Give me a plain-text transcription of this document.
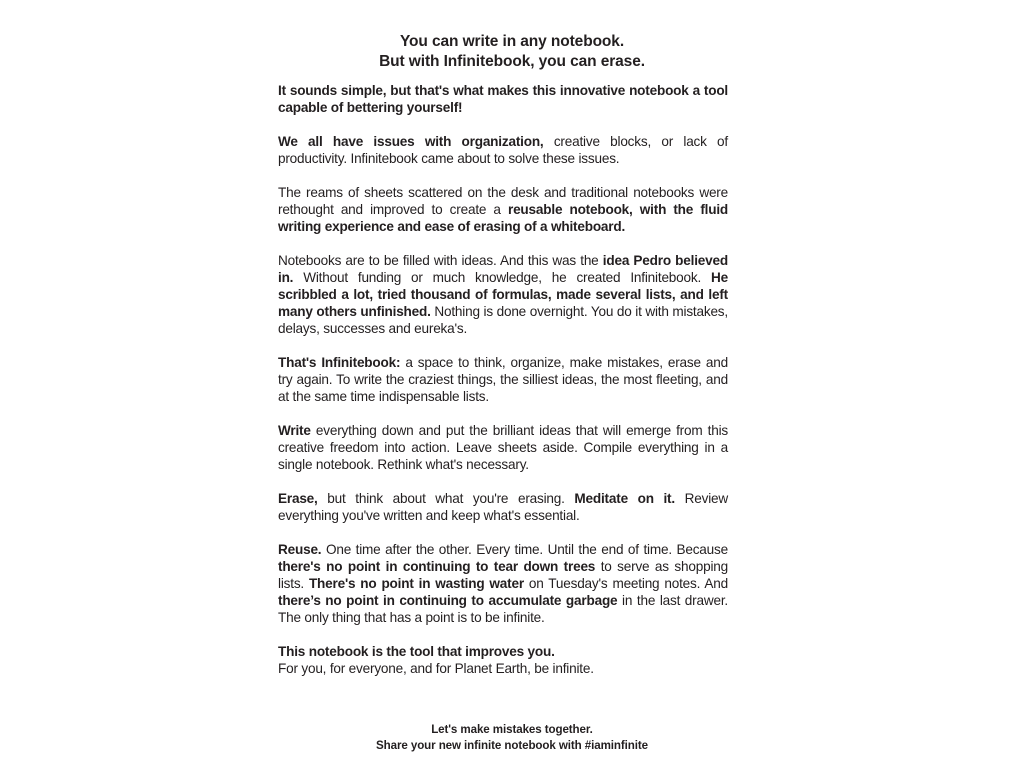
You can write in any notebook.
But with Infinitebook, you can erase.

It sounds simple, but that's what makes this innovative notebook a tool capable of bettering yourself!

We all have issues with organization, creative blocks, or lack of productivity. Infinitebook came about to solve these issues.

The reams of sheets scattered on the desk and traditional notebooks were rethought and improved to create a reusable notebook, with the fluid writing experience and ease of erasing of a whiteboard.

Notebooks are to be filled with ideas. And this was the idea Pedro believed in. Without funding or much knowledge, he created Infinitebook. He scribbled a lot, tried thousand of formulas, made several lists, and left many others unfinished. Nothing is done overnight. You do it with mistakes, delays, successes and eureka's.

That's Infinitebook: a space to think, organize, make mistakes, erase and try again. To write the craziest things, the silliest ideas, the most fleeting, and at the same time indispensable lists.

Write everything down and put the brilliant ideas that will emerge from this creative freedom into action. Leave sheets aside. Compile everything in a single notebook. Rethink what's necessary.

Erase, but think about what you're erasing. Meditate on it. Review everything you've written and keep what's essential.

Reuse. One time after the other. Every time. Until the end of time. Because there's no point in continuing to tear down trees to serve as shopping lists. There's no point in wasting water on Tuesday's meeting notes. And there’s no point in continuing to accumulate garbage in the last drawer. The only thing that has a point is to be infinite.

This notebook is the tool that improves you.
For you, for everyone, and for Planet Earth, be infinite.

Let's make mistakes together.
Share your new infinite notebook with #iaminfinite
